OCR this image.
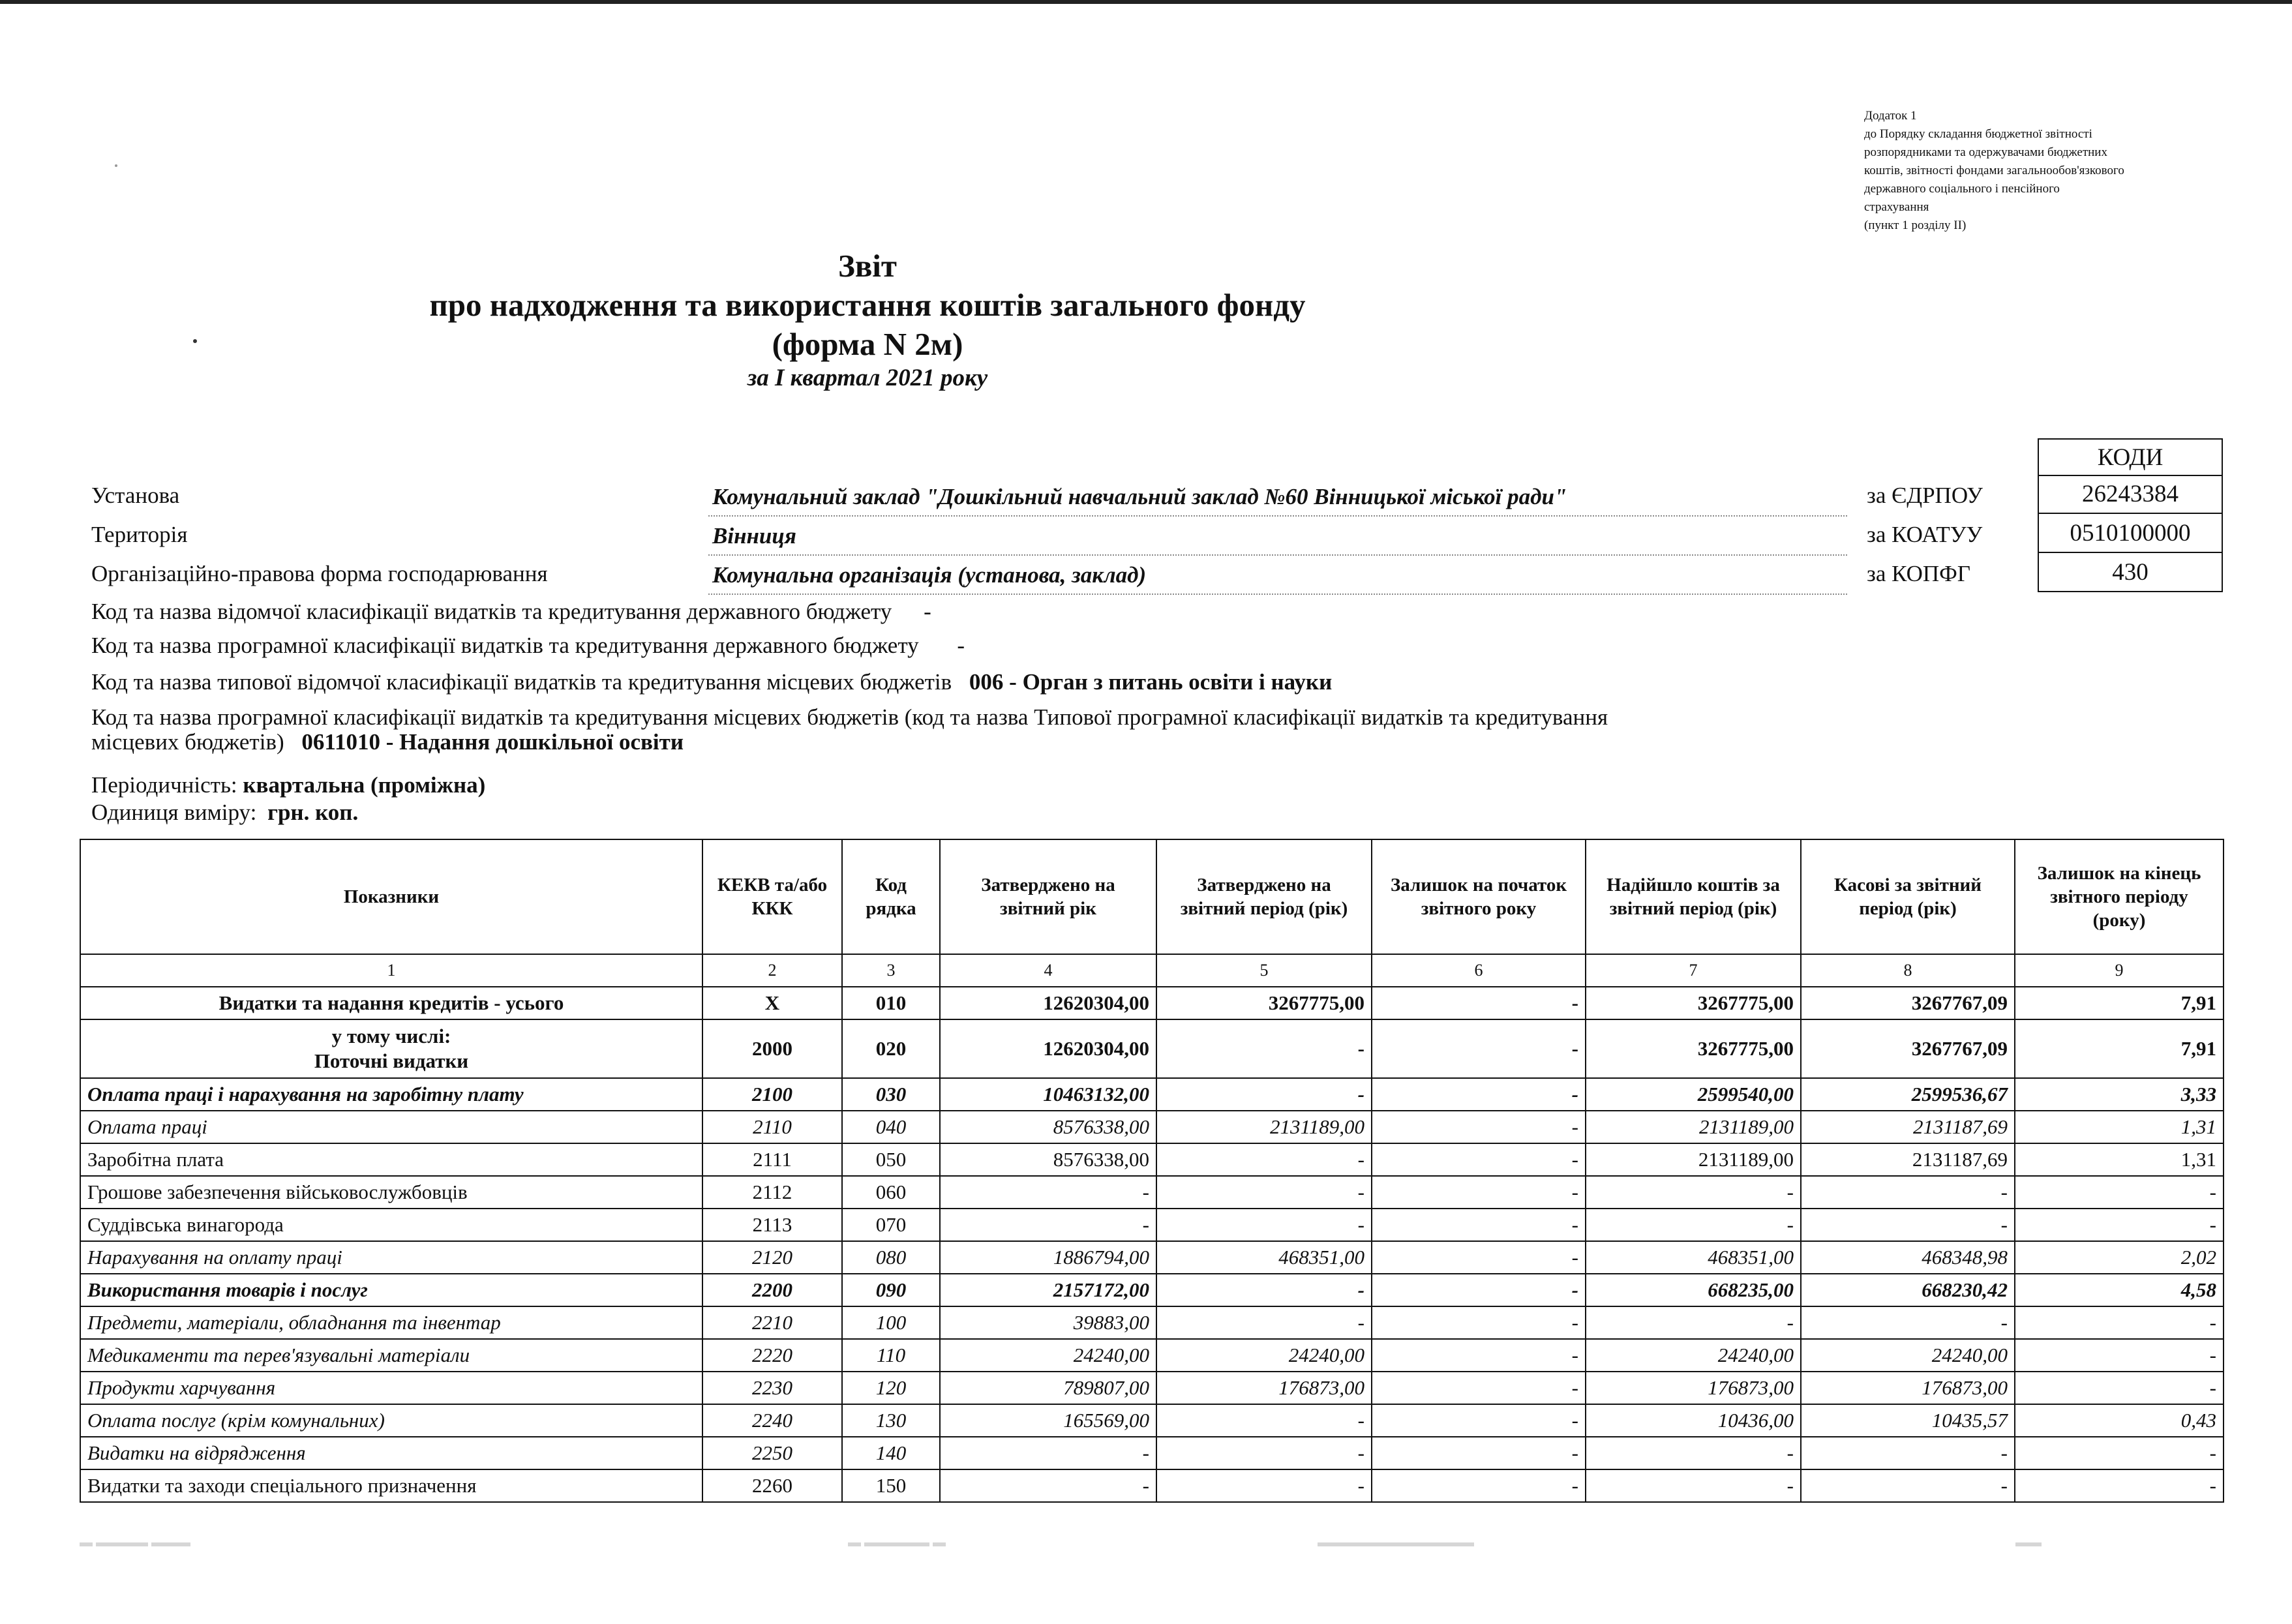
Додаток 1
до Порядку складання бюджетної звітності
розпорядниками та одержувачами бюджетних
коштів, звітності фондами загальнообов'язкового
державного соціального і пенсійного
страхування
(пункт 1 розділу II)
Звіт
про надходження та використання коштів загального фонду
(форма N 2м)
за I квартал 2021 року
КОДИ
26243384
0510100000
430
Установа	Комунальний заклад "Дошкільний навчальний заклад №60 Вінницької міської ради"	за ЄДРПОУ
Територія	Вінниця	за КОАТУУ
Організаційно-правова форма господарювання	Комунальна організація (установа, заклад)	за КОПФГ
Код та назва відомчої класифікації видатків та кредитування державного бюджету -
Код та назва програмної класифікації видатків та кредитування державного бюджету -
Код та назва типової відомчої класифікації видатків та кредитування місцевих бюджетів 006 - Орган з питань освіти і науки
Код та назва програмної класифікації видатків та кредитування місцевих бюджетів (код та назва Типової програмної класифікації видатків та кредитування
місцевих бюджетів) 0611010 - Надання дошкільної освіти
Періодичність: квартальна (проміжна)
Одиниця виміру: грн. коп.
Показники	КЕКВ та/або ККК	Код рядка	Затверджено на звітний рік	Затверджено на звітний період (рік)	Залишок на початок звітного року	Надійшло коштів за звітний період (рік)	Касові за звітний період (рік)	Залишок на кінець звітного періоду (року)
1	2	3	4	5	6	7	8	9

Видатки та надання кредитів - усього	X	010	12620304,00	3267775,00	-	3267775,00	3267767,09	7,91

у тому числі:
Поточні видатки	2000	020	12620304,00	-	-	3267775,00	3267767,09	7,91

Оплата праці і нарахування на заробітну плату	2100	030	10463132,00	-	-	2599540,00	2599536,67	3,33

Оплата праці	2110	040	8576338,00	2131189,00	-	2131189,00	2131187,69	1,31

Заробітна плата	2111	050	8576338,00	-	-	2131189,00	2131187,69	1,31

Грошове забезпечення військовослужбовців	2112	060	-	-	-	-	-	-

Суддівська винагорода	2113	070	-	-	-	-	-	-

Нарахування на оплату праці	2120	080	1886794,00	468351,00	-	468351,00	468348,98	2,02

Використання товарів і послуг	2200	090	2157172,00	-	-	668235,00	668230,42	4,58

Предмети, матеріали, обладнання та інвентар	2210	100	39883,00	-	-	-	-	-

Медикаменти та перев'язувальні матеріали	2220	110	24240,00	24240,00	-	24240,00	24240,00	-

Продукти харчування	2230	120	789807,00	176873,00	-	176873,00	176873,00	-

Оплата послуг (крім комунальних)	2240	130	165569,00	-	-	10436,00	10435,57	0,43

Видатки на відрядження	2250	140	-	-	-	-	-	-

Видатки та заходи спеціального призначення	2260	150	-	-	-	-	-	-
▬ ▬▬▬▬ ▬▬▬	▬ ▬▬▬▬▬ ▬	▬▬▬▬▬▬▬▬▬▬▬▬	▬▬
